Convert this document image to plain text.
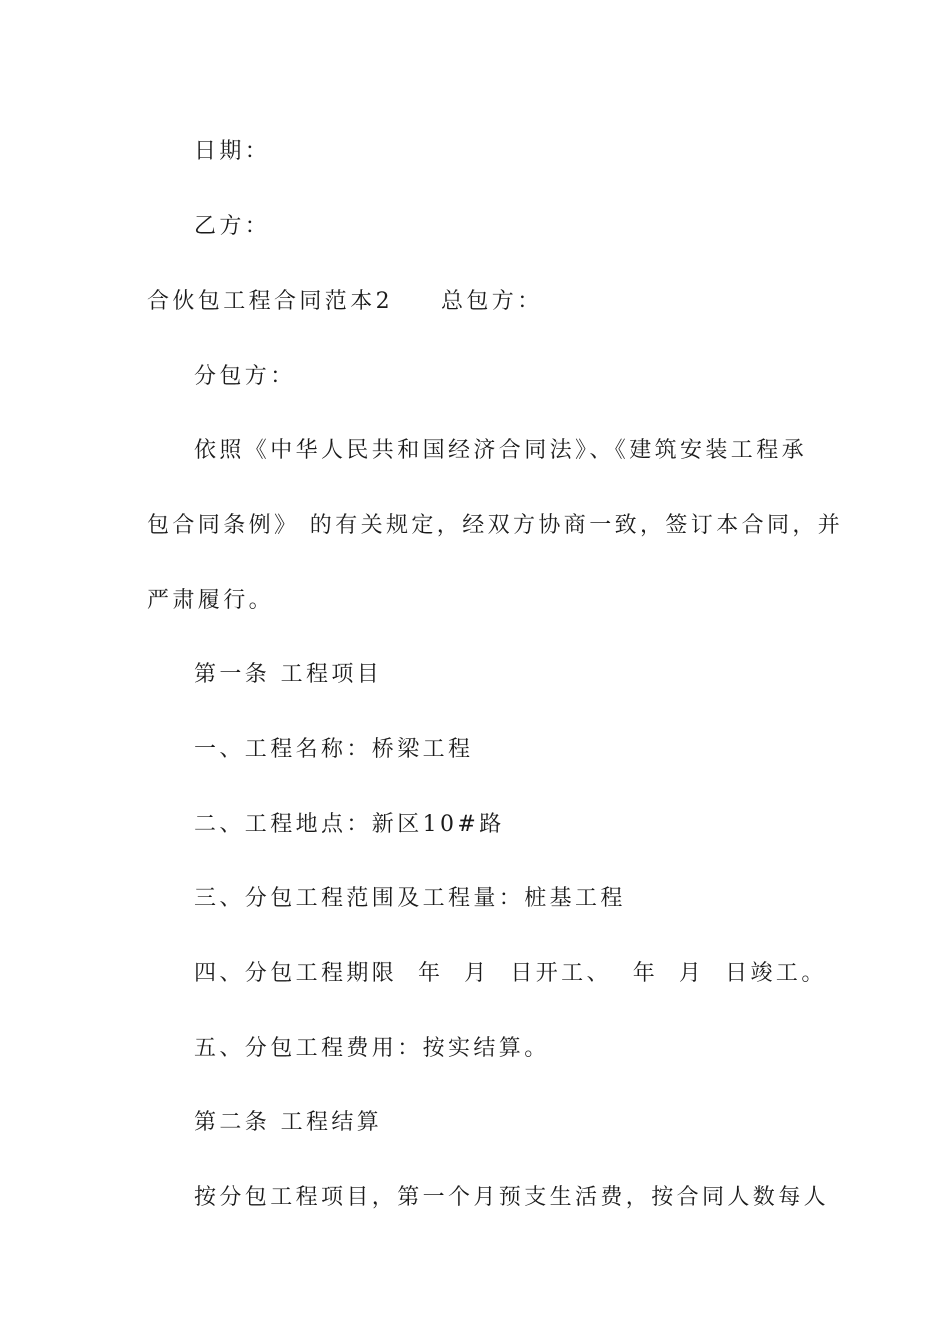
日期：
乙方：
合伙包工程合同范本2 总包方：
分包方：
依照《中华人民共和国经济合同法》、《建筑安装工程承
包合同条例》 的有关规定，经双方协商一致，签订本合同，并
严肃履行。
第一条 工程项目
一、工程名称：桥梁工程
二、工程地点：新区10#路
三、分包工程范围及工程量：桩基工程
四、分包工程期限  年  月  日开工、  年  月  日竣工。
五、分包工程费用：按实结算。
第二条 工程结算
按分包工程项目，第一个月预支生活费，按合同人数每人
